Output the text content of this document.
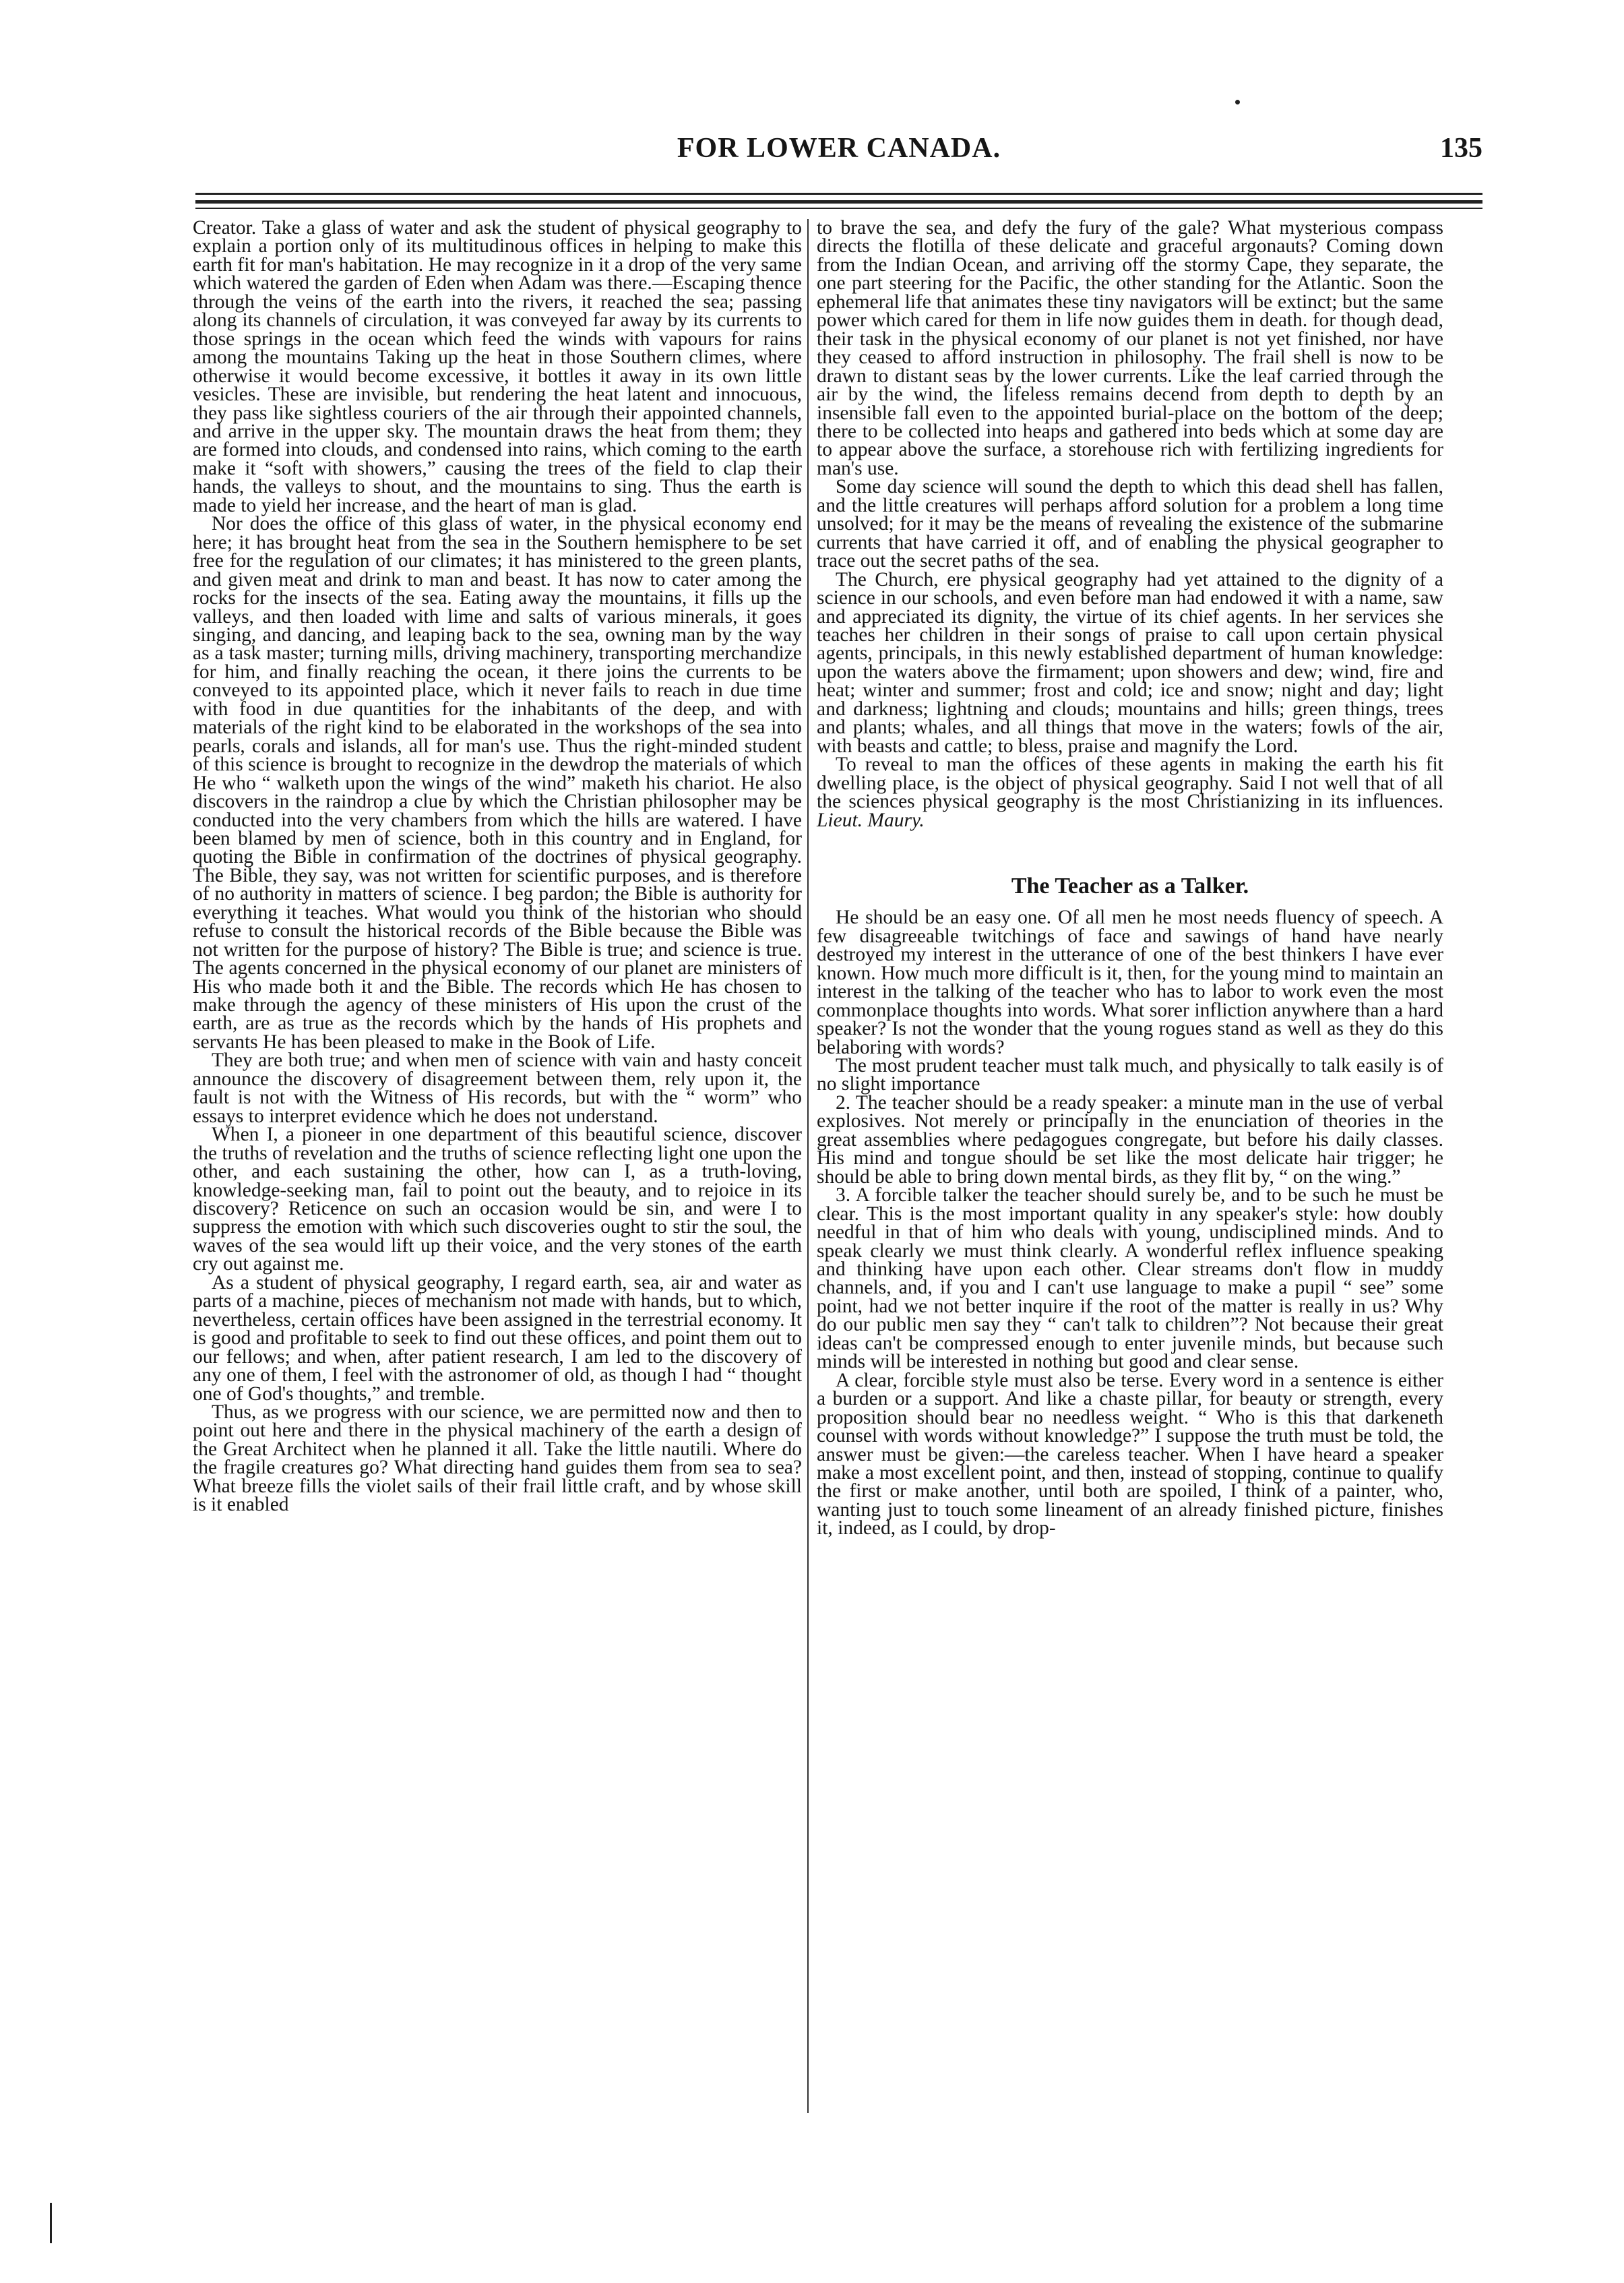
FOR LOWER CANADA.	135

Creator. Take a glass of water and ask the student of physical geography to explain a portion only of its multitudinous offices in helping to make this earth fit for man's habitation. He may recognize in it a drop of the very same which watered the garden of Eden when Adam was there.—Escaping thence through the veins of the earth into the rivers, it reached the sea; passing along its channels of circulation, it was conveyed far away by its currents to those springs in the ocean which feed the winds with vapours for rains among the mountains Taking up the heat in those Southern climes, where otherwise it would become excessive, it bottles it away in its own little vesicles. These are invisible, but rendering the heat latent and innocuous, they pass like sightless couriers of the air through their appointed channels, and arrive in the upper sky. The mountain draws the heat from them; they are formed into clouds, and condensed into rains, which coming to the earth make it “soft with showers,” causing the trees of the field to clap their hands, the valleys to shout, and the mountains to sing. Thus the earth is made to yield her increase, and the heart of man is glad.

Nor does the office of this glass of water, in the physical economy end here; it has brought heat from the sea in the Southern hemisphere to be set free for the regulation of our climates; it has ministered to the green plants, and given meat and drink to man and beast. It has now to cater among the rocks for the insects of the sea. Eating away the mountains, it fills up the valleys, and then loaded with lime and salts of various minerals, it goes singing, and dancing, and leaping back to the sea, owning man by the way as a task master; turning mills, driving machinery, transporting merchandize for him, and finally reaching the ocean, it there joins the currents to be conveyed to its appointed place, which it never fails to reach in due time with food in due quantities for the inhabitants of the deep, and with materials of the right kind to be elaborated in the workshops of the sea into pearls, corals and islands, all for man's use. Thus the right-minded student of this science is brought to recognize in the dewdrop the materials of which He who “ walketh upon the wings of the wind” maketh his chariot. He also discovers in the raindrop a clue by which the Christian philosopher may be conducted into the very chambers from which the hills are watered. I have been blamed by men of science, both in this country and in England, for quoting the Bible in confirmation of the doctrines of physical geography. The Bible, they say, was not written for scientific purposes, and is therefore of no authority in matters of science. I beg pardon; the Bible is authority for everything it teaches. What would you think of the historian who should refuse to consult the historical records of the Bible because the Bible was not written for the purpose of history? The Bible is true; and science is true. The agents concerned in the physical economy of our planet are ministers of His who made both it and the Bible. The records which He has chosen to make through the agency of these ministers of His upon the crust of the earth, are as true as the records which by the hands of His prophets and servants He has been pleased to make in the Book of Life.

They are both true; and when men of science with vain and hasty conceit announce the discovery of disagreement between them, rely upon it, the fault is not with the Witness of His records, but with the “ worm” who essays to interpret evidence which he does not understand.

When I, a pioneer in one department of this beautiful science, discover the truths of revelation and the truths of science reflecting light one upon the other, and each sustaining the other, how can I, as a truth-loving, knowledge-seeking man, fail to point out the beauty, and to rejoice in its discovery? Reticence on such an occasion would be sin, and were I to suppress the emotion with which such discoveries ought to stir the soul, the waves of the sea would lift up their voice, and the very stones of the earth cry out against me.

As a student of physical geography, I regard earth, sea, air and water as parts of a machine, pieces of mechanism not made with hands, but to which, nevertheless, certain offices have been assigned in the terrestrial economy. It is good and profitable to seek to find out these offices, and point them out to our fellows; and when, after patient research, I am led to the discovery of any one of them, I feel with the astronomer of old, as though I had “ thought one of God's thoughts,” and tremble.

Thus, as we progress with our science, we are permitted now and then to point out here and there in the physical machinery of the earth a design of the Great Architect when he planned it all. Take the little nautili. Where do the fragile creatures go? What directing hand guides them from sea to sea? What breeze fills the violet sails of their frail little craft, and by whose skill is it enabled

to brave the sea, and defy the fury of the gale? What mysterious compass directs the flotilla of these delicate and graceful argonauts? Coming down from the Indian Ocean, and arriving off the stormy Cape, they separate, the one part steering for the Pacific, the other standing for the Atlantic. Soon the ephemeral life that animates these tiny navigators will be extinct; but the same power which cared for them in life now guides them in death. for though dead, their task in the physical economy of our planet is not yet finished, nor have they ceased to afford instruction in philosophy. The frail shell is now to be drawn to distant seas by the lower currents. Like the leaf carried through the air by the wind, the lifeless remains decend from depth to depth by an insensible fall even to the appointed burial-place on the bottom of the deep; there to be collected into heaps and gathered into beds which at some day are to appear above the surface, a storehouse rich with fertilizing ingredients for man's use.

Some day science will sound the depth to which this dead shell has fallen, and the little creatures will perhaps afford solution for a problem a long time unsolved; for it may be the means of revealing the existence of the submarine currents that have carried it off, and of enabling the physical geographer to trace out the secret paths of the sea.

The Church, ere physical geography had yet attained to the dignity of a science in our schools, and even before man had endowed it with a name, saw and appreciated its dignity, the virtue of its chief agents. In her services she teaches her children in their songs of praise to call upon certain physical agents, principals, in this newly established department of human knowledge: upon the waters above the firmament; upon showers and dew; wind, fire and heat; winter and summer; frost and cold; ice and snow; night and day; light and darkness; lightning and clouds; mountains and hills; green things, trees and plants; whales, and all things that move in the waters; fowls of the air, with beasts and cattle; to bless, praise and magnify the Lord.

To reveal to man the offices of these agents in making the earth his fit dwelling place, is the object of physical geography. Said I not well that of all the sciences physical geography is the most Christianizing in its influences. Lieut. Maury.

The Teacher as a Talker.

He should be an easy one. Of all men he most needs fluency of speech. A few disagreeable twitchings of face and sawings of hand have nearly destroyed my interest in the utterance of one of the best thinkers I have ever known. How much more difficult is it, then, for the young mind to maintain an interest in the talking of the teacher who has to labor to work even the most commonplace thoughts into words. What sorer infliction anywhere than a hard speaker? Is not the wonder that the young rogues stand as well as they do this belaboring with words?

The most prudent teacher must talk much, and physically to talk easily is of no slight importance

2. The teacher should be a ready speaker: a minute man in the use of verbal explosives. Not merely or principally in the enunciation of theories in the great assemblies where pedagogues congregate, but before his daily classes. His mind and tongue should be set like the most delicate hair trigger; he should be able to bring down mental birds, as they flit by, “ on the wing.”

3. A forcible talker the teacher should surely be, and to be such he must be clear. This is the most important quality in any speaker's style: how doubly needful in that of him who deals with young, undisciplined minds. And to speak clearly we must think clearly. A wonderful reflex influence speaking and thinking have upon each other. Clear streams don't flow in muddy channels, and, if you and I can't use language to make a pupil “ see” some point, had we not better inquire if the root of the matter is really in us? Why do our public men say they “ can't talk to children”? Not because their great ideas can't be compressed enough to enter juvenile minds, but because such minds will be interested in nothing but good and clear sense.

A clear, forcible style must also be terse. Every word in a sentence is either a burden or a support. And like a chaste pillar, for beauty or strength, every proposition should bear no needless weight. “ Who is this that darkeneth counsel with words without knowledge?” I suppose the truth must be told, the answer must be given:—the careless teacher. When I have heard a speaker make a most excellent point, and then, instead of stopping, continue to qualify the first or make another, until both are spoiled, I think of a painter, who, wanting just to touch some lineament of an already finished picture, finishes it, indeed, as I could, by drop-
